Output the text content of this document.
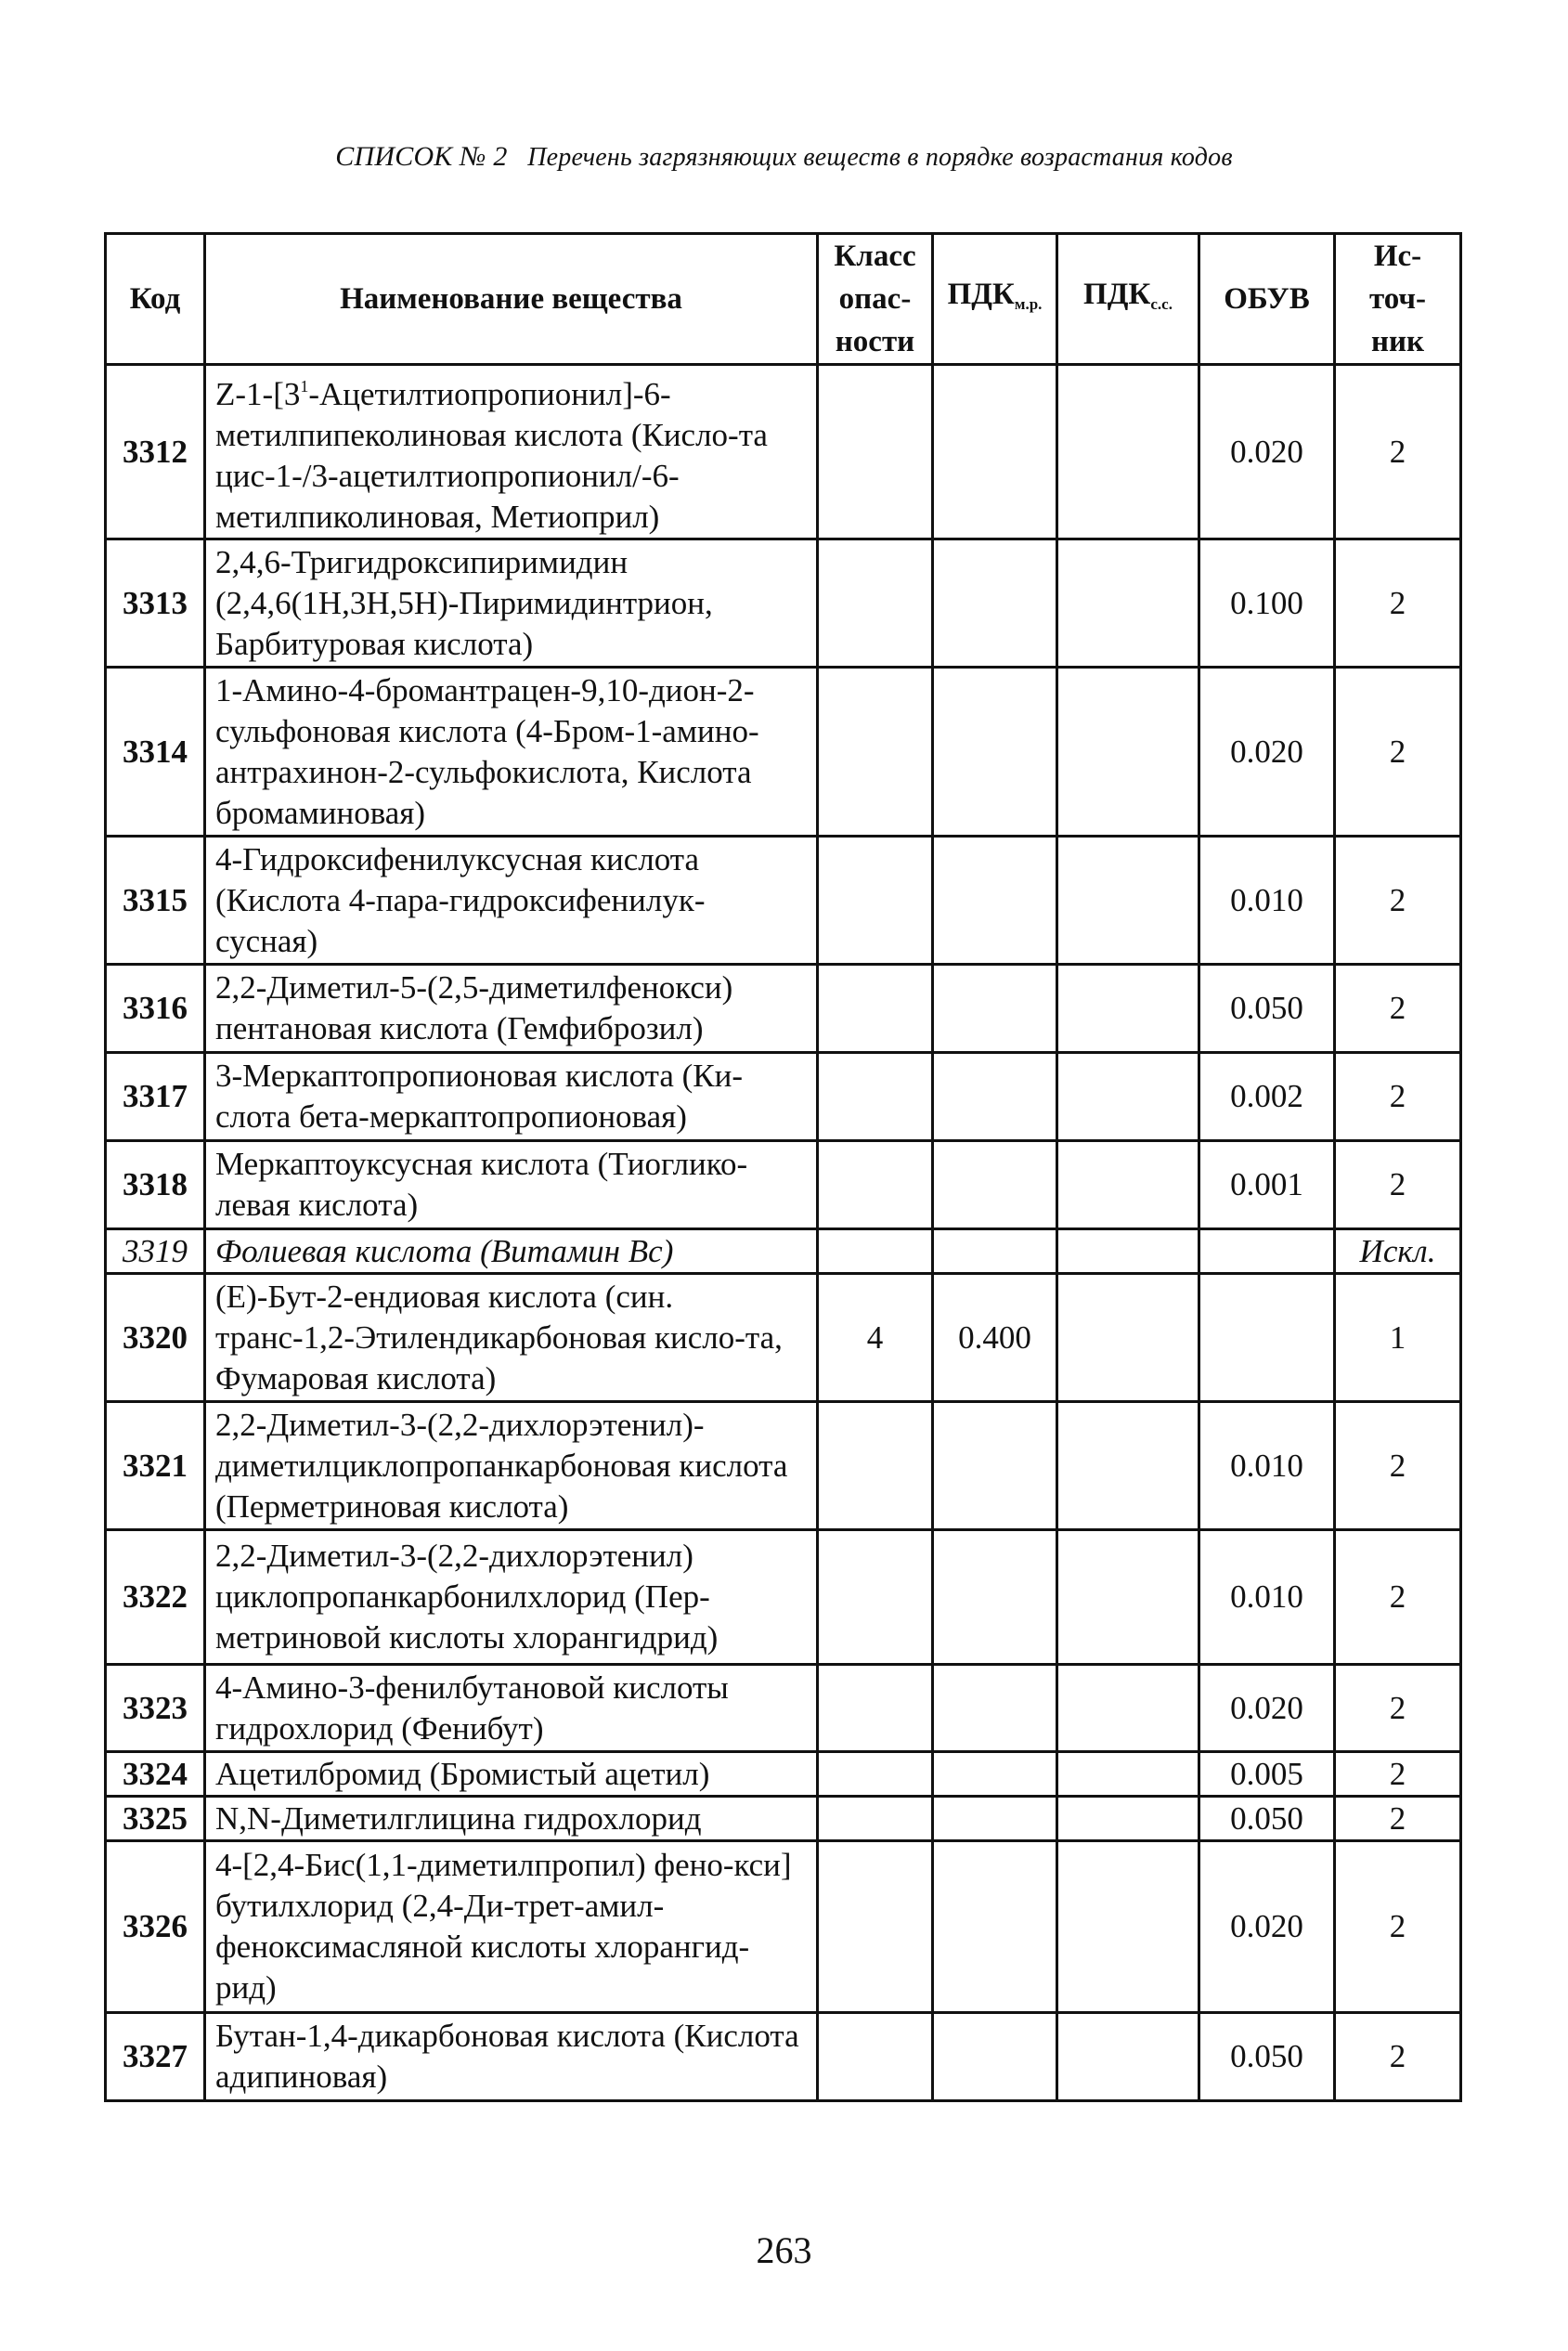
СПИСОК № 2 Перечень загрязняющих веществ в порядке возрастания кодов
Код	Наименование вещества	Класс опас- ности	$ПДК_{м.р.}$	$ПДК_{с.с.}$	ОБУВ	Ис- точ- ник
3312	$Z-1-[3^1-Ацетилтиопропионил]-6$-метилпипеколиновая кислота (Кисло-та цис-1-/3-ацетилтиопропионил/-6-метилпиколиновая, Метиоприл)				0.020	2
3313	2,4,6-Тригидроксипиримидин (2,4,6(1Н,3Н,5Н)-Пиримидинтрион, Барбитуровая кислота)				0.100	2
3314	1-Амино-4-бромантрацен-9,10-дион-2-сульфоновая кислота (4-Бром-1-амино-антрахинон-2-сульфокислота, Кислота бромаминовая)				0.020	2
3315	4-Гидроксифенилуксусная кислота (Кислота 4-пара-гидроксифенилук-сусная)				0.010	2
3316	2,2-Диметил-5-(2,5-диметилфенокси) пентановая кислота (Гемфиброзил)				0.050	2
3317	3-Меркаптопропионовая кислота (Ки-слота бета-меркаптопропионовая)				0.002	2
3318	Меркаптоуксусная кислота (Тиоглико-левая кислота)				0.001	2
3319	Фолиевая кислота (Витамин Вс)					Искл.
3320	(Е)-Бут-2-ендиовая кислота (син. транс-1,2-Этилендикарбоновая кисло-та, Фумаровая кислота)	4	0.400			1
3321	2,2-Диметил-3-(2,2-дихлорэтенил)-диметилциклопропанкарбоновая кислота (Перметриновая кислота)				0.010	2
3322	2,2-Диметил-3-(2,2-дихлорэтенил) циклопропанкарбонилхлорид (Пер-метриновой кислоты хлорангидрид)				0.010	2
3323	4-Амино-3-фенилбутановой кислоты гидрохлорид (Фенибут)				0.020	2
3324	Ацетилбромид (Бромистый ацетил)				0.005	2
3325	N,N-Диметилглицина гидрохлорид				0.050	2
3326	4-[2,4-Бис(1,1-диметилпропил) фено-кси] бутилхлорид (2,4-Ди-трет-амил-феноксимасляной кислоты хлорангид-рид)				0.020	2
3327	Бутан-1,4-дикарбоновая кислота (Кислота адипиновая)				0.050	2
263
